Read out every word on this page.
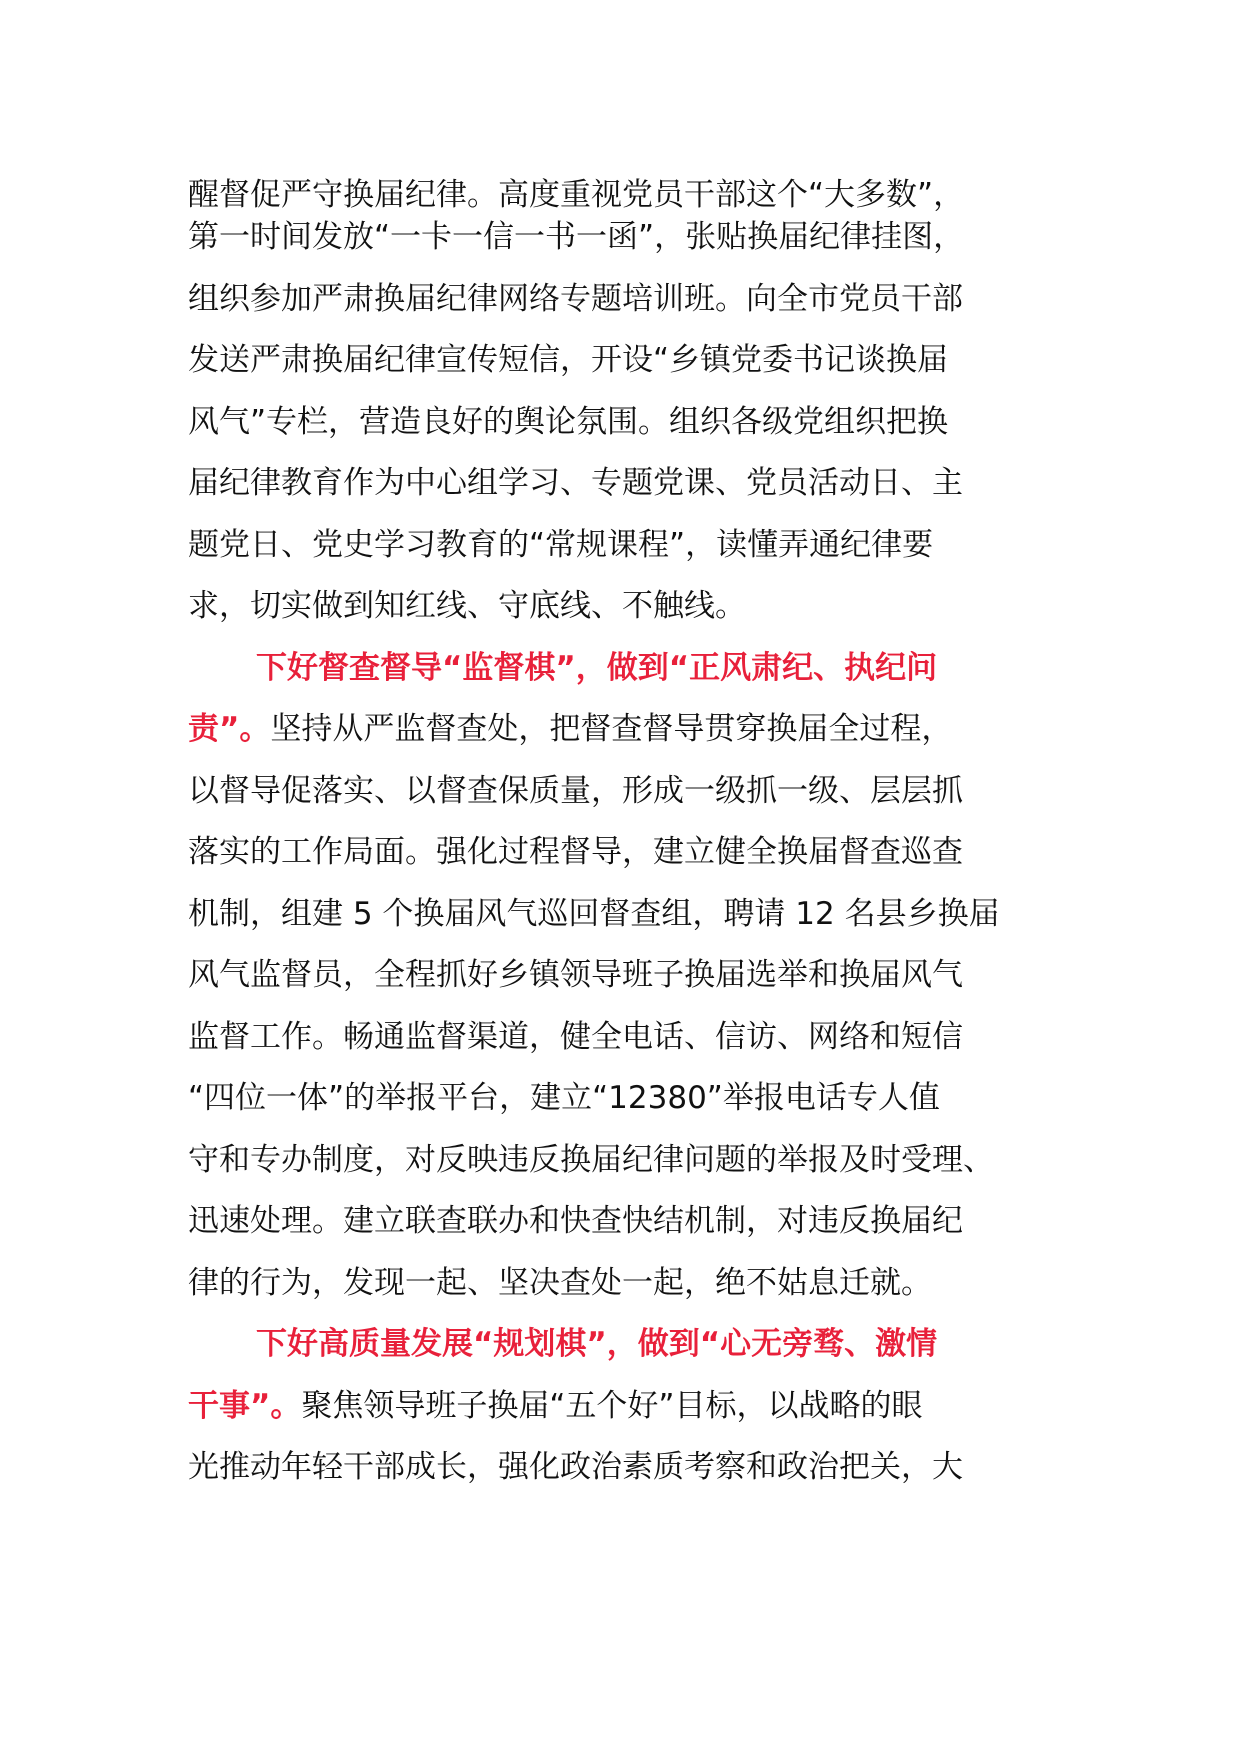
醒督促严守换届纪律。高度重视党员干部这个“大多数”，
第一时间发放“一卡一信一书一函”，张贴换届纪律挂图，
组织参加严肃换届纪律网络专题培训班。向全市党员干部
发送严肃换届纪律宣传短信，开设“乡镇党委书记谈换届
风气”专栏，营造良好的舆论氛围。组织各级党组织把换
届纪律教育作为中心组学习、专题党课、党员活动日、主
题党日、党史学习教育的“常规课程”，读懂弄通纪律要
求，切实做到知红线、守底线、不触线。
下好督查督导“监督棋”，做到“正风肃纪、执纪问
责”。坚持从严监督查处，把督查督导贯穿换届全过程，
以督导促落实、以督查保质量，形成一级抓一级、层层抓
落实的工作局面。强化过程督导，建立健全换届督查巡查
机制，组建 5 个换届风气巡回督查组，聘请 12 名县乡换届
风气监督员，全程抓好乡镇领导班子换届选举和换届风气
监督工作。畅通监督渠道，健全电话、信访、网络和短信
“四位一体”的举报平台，建立“12380”举报电话专人值
守和专办制度，对反映违反换届纪律问题的举报及时受理、
迅速处理。建立联查联办和快查快结机制，对违反换届纪
律的行为，发现一起、坚决查处一起，绝不姑息迁就。
下好高质量发展“规划棋”，做到“心无旁骛、激情
干事”。聚焦领导班子换届“五个好”目标，以战略的眼
光推动年轻干部成长，强化政治素质考察和政治把关，大
